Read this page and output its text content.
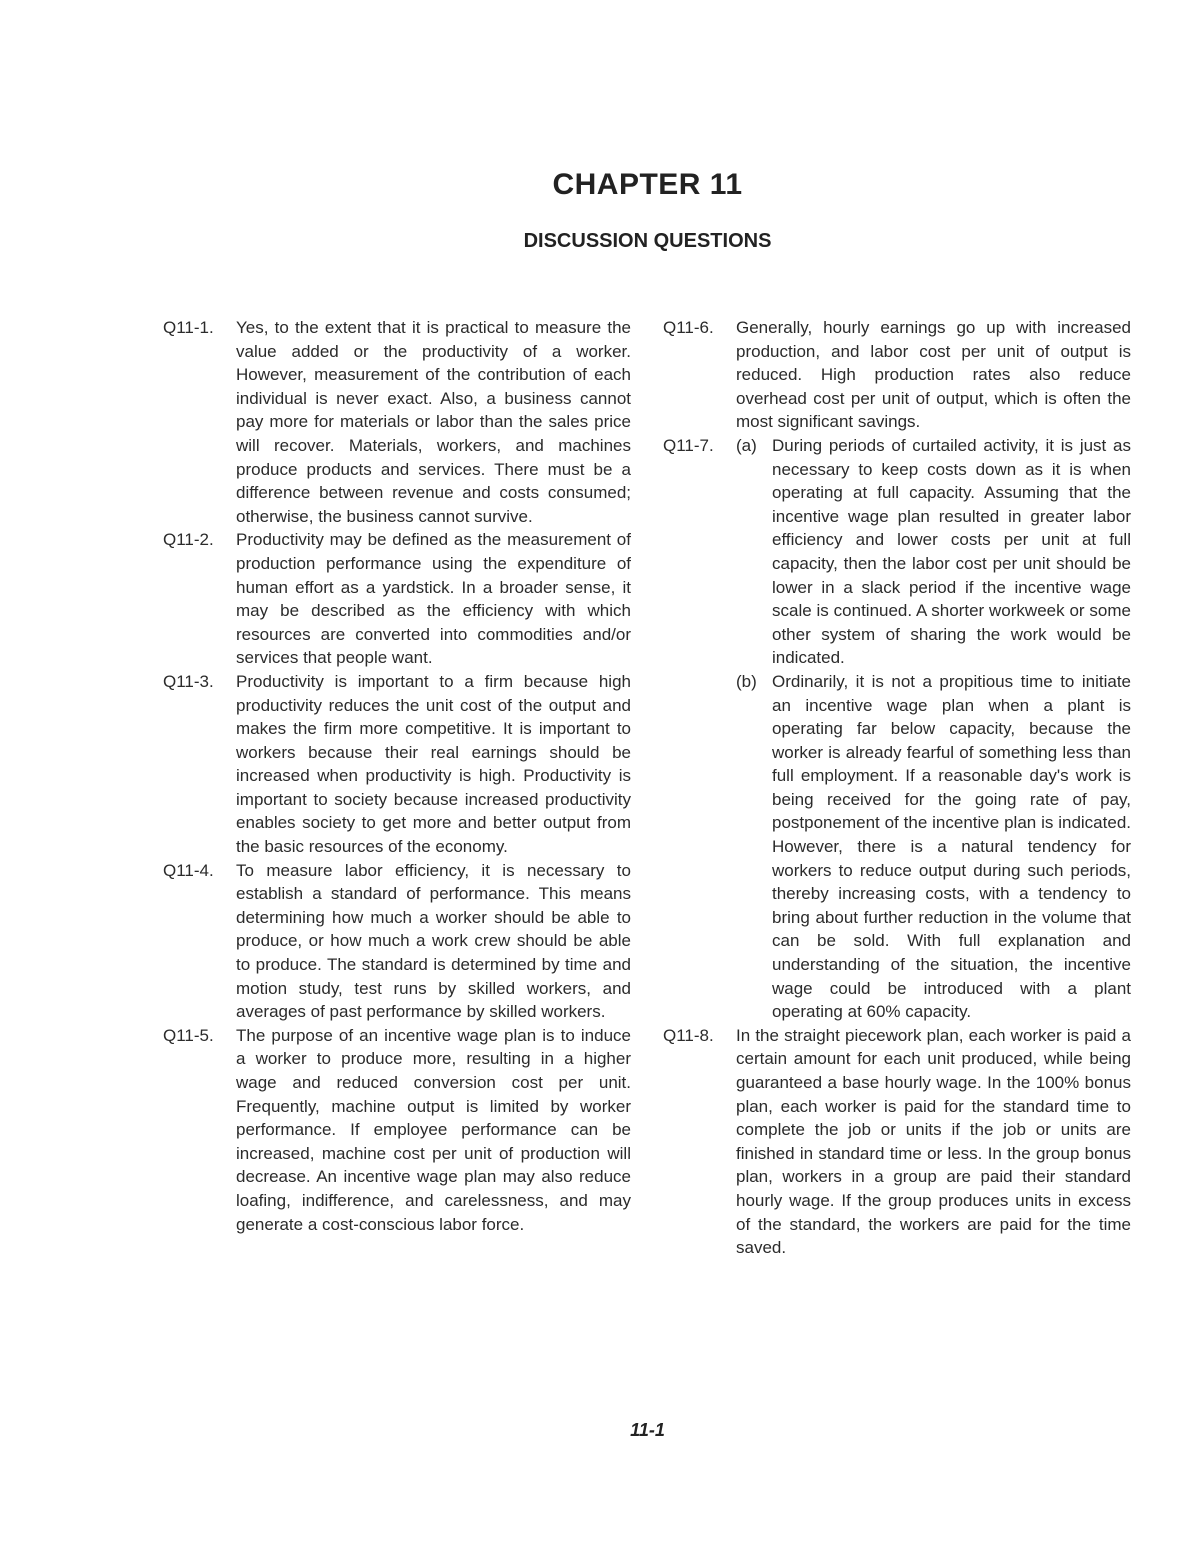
CHAPTER 11
DISCUSSION QUESTIONS
Q11-1.	Yes, to the extent that it is practical to measure the value added or the productivity of a worker. However, measurement of the contribution of each individual is never exact. Also, a business cannot pay more for materials or labor than the sales price will recover. Materials, workers, and machines produce products and services. There must be a difference between revenue and costs consumed; otherwise, the business cannot survive.
Q11-2.	Productivity may be defined as the measurement of production performance using the expenditure of human effort as a yardstick. In a broader sense, it may be described as the efficiency with which resources are converted into commodities and/or services that people want.
Q11-3.	Productivity is important to a firm because high productivity reduces the unit cost of the output and makes the firm more competitive. It is important to workers because their real earnings should be increased when productivity is high. Productivity is important to society because increased productivity enables society to get more and better output from the basic resources of the economy.
Q11-4.	To measure labor efficiency, it is necessary to establish a standard of performance. This means determining how much a worker should be able to produce, or how much a work crew should be able to produce. The standard is determined by time and motion study, test runs by skilled workers, and averages of past performance by skilled workers.
Q11-5.	The purpose of an incentive wage plan is to induce a worker to produce more, resulting in a higher wage and reduced conversion cost per unit. Frequently, machine output is limited by worker performance. If employee performance can be increased, machine cost per unit of production will decrease. An incentive wage plan may also reduce loafing, indifference, and carelessness, and may generate a cost-conscious labor force.
Q11-6.	Generally, hourly earnings go up with increased production, and labor cost per unit of output is reduced. High production rates also reduce overhead cost per unit of output, which is often the most significant savings.
Q11-7.	(a) During periods of curtailed activity, it is just as necessary to keep costs down as it is when operating at full capacity. Assuming that the incentive wage plan resulted in greater labor efficiency and lower costs per unit at full capacity, then the labor cost per unit should be lower in a slack period if the incentive wage scale is continued. A shorter workweek or some other system of sharing the work would be indicated.
(b) Ordinarily, it is not a propitious time to initiate an incentive wage plan when a plant is operating far below capacity, because the worker is already fearful of something less than full employment. If a reasonable day's work is being received for the going rate of pay, postponement of the incentive plan is indicated. However, there is a natural tendency for workers to reduce output during such periods, thereby increasing costs, with a tendency to bring about further reduction in the volume that can be sold. With full explanation and understanding of the situation, the incentive wage could be introduced with a plant operating at 60% capacity.
Q11-8.	In the straight piecework plan, each worker is paid a certain amount for each unit produced, while being guaranteed a base hourly wage. In the 100% bonus plan, each worker is paid for the standard time to complete the job or units if the job or units are finished in standard time or less. In the group bonus plan, workers in a group are paid their standard hourly wage. If the group produces units in excess of the standard, the workers are paid for the time saved.
11-1
